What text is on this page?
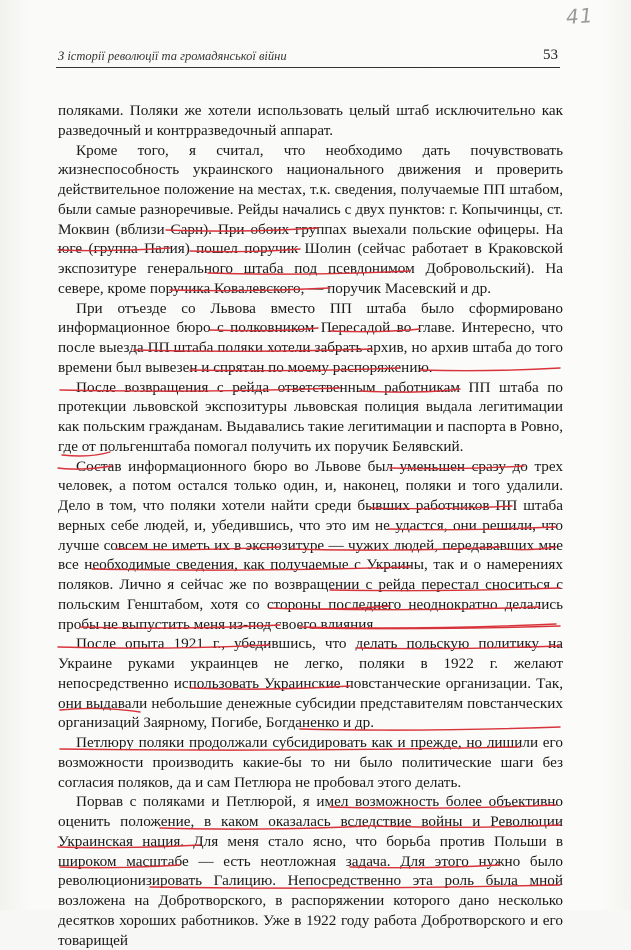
41
З історії революції та громадянської війни	53

поляками. Поляки же хотели использовать целый штаб исключительно как разведочный и контрразведочный аппарат.

Кроме того, я считал, что необходимо дать почувствовать жизнеспособность украинского национального движения и проверить действительное положение на местах, т.к. сведения, получаемые ПП штабом, были самые разноречивые. Рейды начались с двух пунктов: г. Копычинцы, ст. Моквин (вблизи Сарн). При обоих группах выехали польские офицеры. На юге (группа Палия) пошел поручик Шолин (сейчас работает в Краковской экспозитуре генерального штаба под псевдонимом Добровольский). На севере, кроме поручика Ковалевского, — поручик Масевский и др.

При отъезде со Львова вместо ПП штаба было сформировано информационное бюро с полковником Пересадой во главе. Интересно, что после выезда ПП штаба поляки хотели забрать архив, но архив штаба до того времени был вывезен и спрятан по моему распоряжению.

После возвращения с рейда ответственным работникам ПП штаба по протекции львовской экспозитуры львовская полиция выдала легитимации как польским гражданам. Выдавались такие легитимации и паспорта в Ровно, где от польгенштаба помогал получить их поручик Белявский.

Состав информационного бюро во Львове был уменьшен сразу до трех человек, а потом остался только один, и, наконец, поляки и того удалили. Дело в том, что поляки хотели найти среди бывших работников ПП штаба верных себе людей, и, убедившись, что это им не удастся, они решили, что лучше совсем не иметь их в экспозитуре — чужих людей, передававших мне все необходимые сведения, как получаемые с Украины, так и о намерениях поляков. Лично я сейчас же по возвращении с рейда перестал сноситься с польским Генштабом, хотя со стороны последнего неоднократно делались пробы не выпустить меня из-под своего влияния.

После опыта 1921 г., убедившись, что делать польскую политику на Украине руками украинцев не легко, поляки в 1922 г. желают непосредственно использовать Украинские повстанческие организации. Так, они выдавали небольшие денежные субсидии представителям повстанческих организаций Заярному, Погибе, Богданенко и др.

Петлюру поляки продолжали субсидировать как и прежде, но лишили его возможности производить какие-бы то ни было политические шаги без согласия поляков, да и сам Петлюра не пробовал этого делать.

Порвав с поляками и Петлюрой, я имел возможность более объективно оценить положение, в каком оказалась вследствие войны и Революции Украинская нация. Для меня стало ясно, что борьба против Польши в широком масштабе — есть неотложная задача. Для этого нужно было революционизировать Галицию. Непосредственно эта роль была мной возложена на Добротворского, в распоряжении которого дано несколько десятков хороших работников. Уже в 1922 году работа Добротворского и его товарищей
